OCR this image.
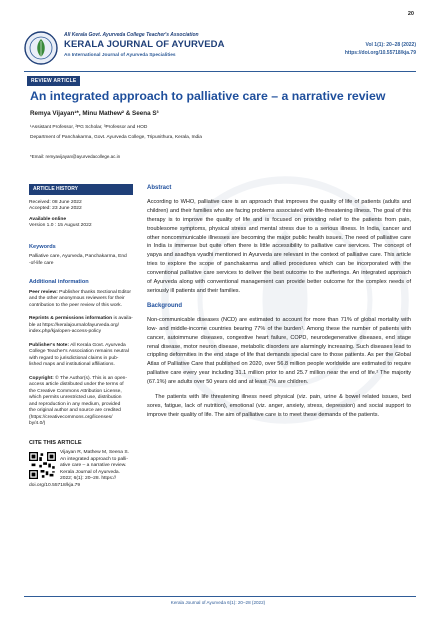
20
All Kerala Govt. Ayurveda College Teacher's Association
KERALA JOURNAL OF AYURVEDA
An International Journal of Ayurveda Specialities
Vol 1(1): 20–28 (2022)
https://doi.org/10.55718/kja.79
REVIEW ARTICLE
An integrated approach to palliative care – a narrative review
Remya Vijayan¹*, Minu Mathew² & Seena S³
¹Assistant Professor, ²PG Scholar, ³Professor and HOD
Department of Panchakarma, Govt. Ayurveda College, Tripunithura, Kerala, India
*Email: remyavijayan@ayurvedacollege.ac.in
ARTICLE HISTORY
Received: 08 June 2022
Accepted: 23 June 2022
Available online
Version 1.0 : 15 August 2022
Keywords
Palliative care, Ayurveda, Panchakarma, End
-of-life care
Additional information
Peer review: Publisher thanks Sectional Editor
and the other anonymous reviewers for their
contribution to the peer review of this work.
Reprints & permissions information is availa-
ble at https://keralajournalofayurveda.org/
index.php/kja/open-access-policy
Publisher's Note: All Kerala Govt. Ayurveda
College Teacher's Association remains neutral
with regard to jurisdictional claims in pub-
lished maps and institutional affiliations.
Copyright: © The Author(s). This is an open-
access article distributed under the terms of
the Creative Commons Attribution License,
which permits unrestricted use, distribution
and reproduction in any medium, provided
the original author and source are credited
(https://creativecommons.org/licenses/
by/4.0/)
CITE THIS ARTICLE
Vijayan R, Mathew M, Seena S.
An integrated approach to palli-
ative care – a narrative review.
Kerala Journal of Ayurveda.
2022; 6(1): 20–28. https://
doi.org/10.55718/kja.79
Abstract

According to WHO, palliative care is an approach that improves the quality of life of patients (adults and children) and their families who are facing problems associated with life-threatening illness. The goal of this therapy is to improve the quality of life and is focused on providing relief to the patients from pain, troublesome symptoms, physical stress and mental stress due to a serious illness. In India, cancer and other noncommunicable illnesses are becoming the major public health issues. The need of palliative care in India is immense but quite often there is little accessibility to palliative care services. The concept of yapya and asadhya vyadhi mentioned in Ayurveda are relevant in the context of palliative care. This article tries to explore the scope of panchakarma and allied procedures which can be incorporated with the conventional palliative care services to deliver the best outcome to the sufferings. An integrated approach of Ayurveda along with conventional management can provide better outcome for the complex needs of seriously ill patients and their families.

Background

Non-communicable diseases (NCD) are estimated to account for more than 71% of global mortality with low- and middle-income countries bearing 77% of the burden¹. Among these the number of patients with cancer, autoimmune diseases, congestive heart failure, COPD, neurodegenerative diseases, end stage renal disease, motor neuron disease, metabolic disorders are alarmingly increasing. Such diseases lead to crippling deformities in the end stage of life that demands special care to those patients. As per the Global Atlas of Palliative Care that published on 2020, over 56.8 million people worldwide are estimated to require palliative care every year including 31.1 million prior to and 25.7 million near the end of life.² The majority (67.1%) are adults over 50 years old and at least 7% are children.

The patients with life threatening illness need physical (viz. pain, urine & bowel related issues, bed sores, fatigue, lack of nutrition), emotional (viz. anger, anxiety, stress, depression) and social support to improve their quality of life. The aim of palliative care is to meet these demands of the patients.

Kerala Journal of Ayurveda 6(1): 20–28 (2022)
